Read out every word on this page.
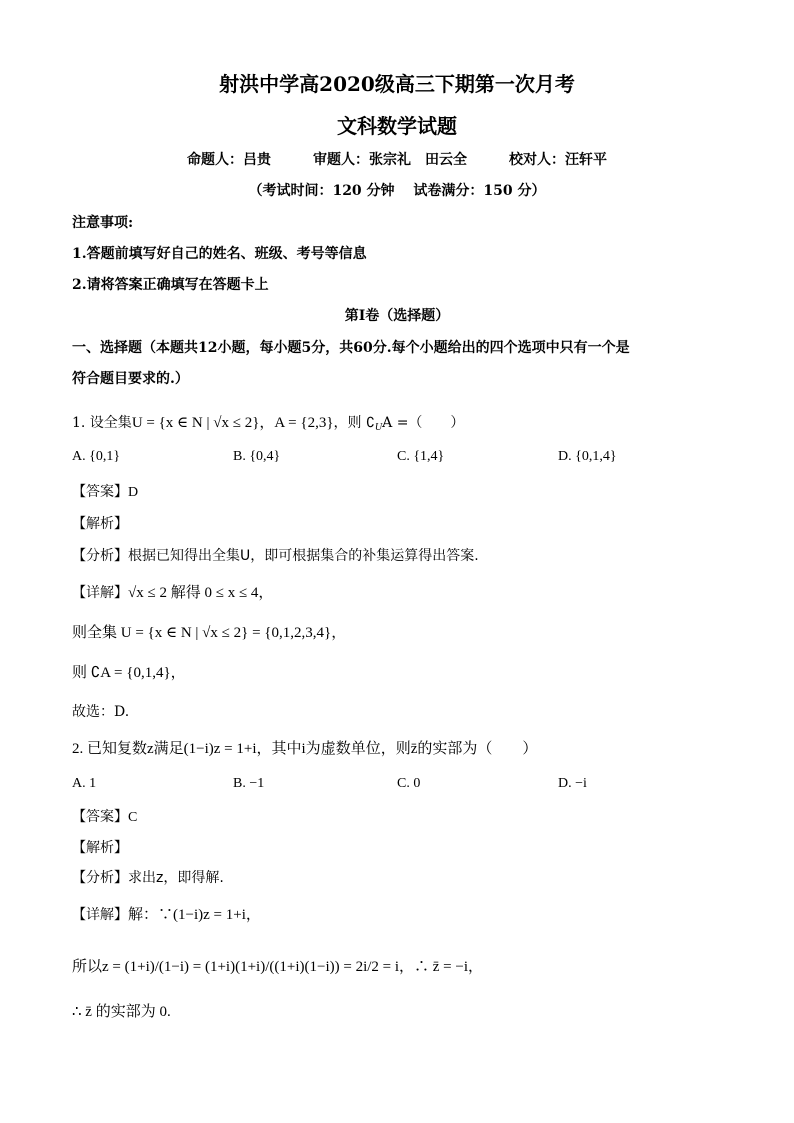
射洪中学高2020级高三下期第一次月考
文科数学试题
命题人：吕贵　　　审题人：张宗礼　田云全　　　校对人：汪轩平
（考试时间：120 分钟　 试卷满分：150 分）
注意事项:
1.答题前填写好自己的姓名、班级、考号等信息
2.请将答案正确填写在答题卡上
第I卷（选择题）
一、选择题（本题共12小题，每小题5分，共60分.每个小题给出的四个选项中只有一个是
符合题目要求的.）
1. 设全集U = {x ∈ N | √x ≤ 2}，A = {2,3}，则 $∁_UA$ =（　　）
A. {0,1}	B. {0,4}	C. {1,4}	D. {0,1,4}
【答案】D
【解析】
【分析】根据已知得出全集U，即可根据集合的补集运算得出答案.
【详解】√x ≤ 2 解得 0 ≤ x ≤ 4，
则全集 U = {x ∈ N | √x ≤ 2} = {0,1,2,3,4}，
则 ∁A = {0,1,4}，
故选：D.
2. 已知复数z满足(1−i)z = 1+i，其中i为虚数单位，则z̄的实部为（　　）
A. 1	B. −1	C. 0	D. −i
【答案】C
【解析】
【分析】求出z，即得解.
【详解】解：∵(1−i)z = 1+i，
所以z = (1+i)/(1−i) = (1+i)(1+i)/((1+i)(1−i)) = 2i/2 = i，∴ z̄ = −i，
∴ z̄ 的实部为 0.
